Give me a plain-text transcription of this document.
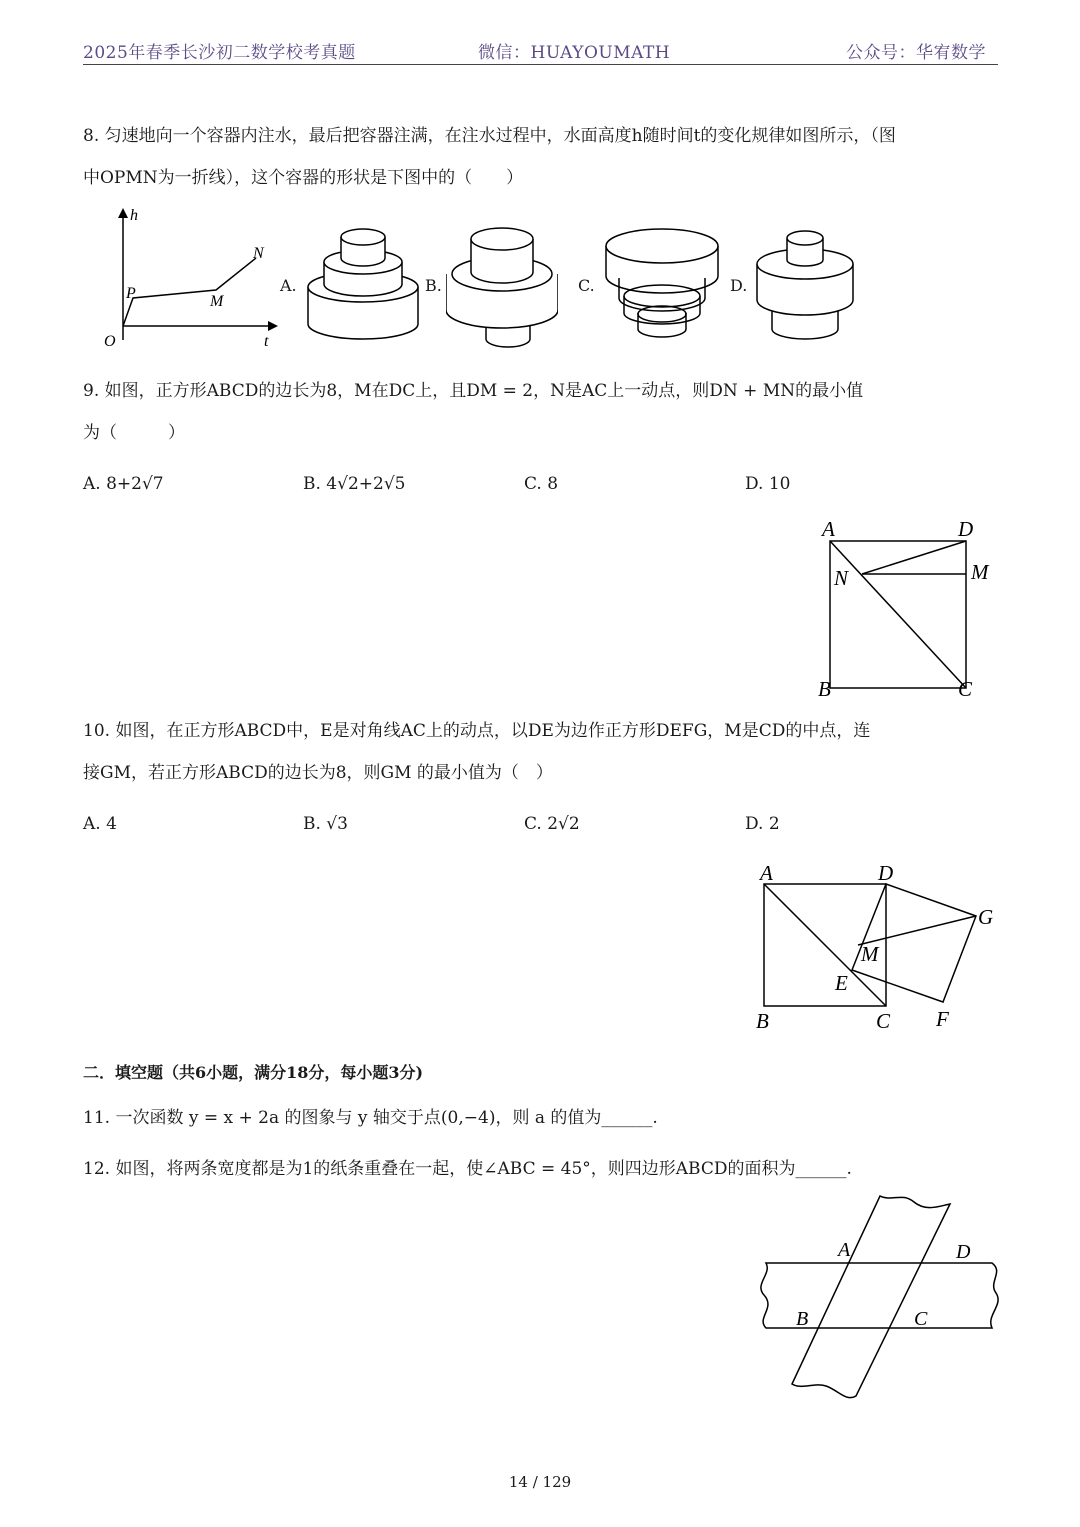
2025年春季长沙初二数学校考真题	微信：HUAYOUMATH	公众号：华宥数学
8. 匀速地向一个容器内注水，最后把容器注满，在注水过程中，水面高度h随时间t的变化规律如图所示，（图
中OPMN为一折线），这个容器的形状是下图中的（　　）
h
t
O
P	M
N
A.	B.	C.	D.
9. 如图，正方形ABCD的边长为8，M在DC上，且DM = 2，N是AC上一动点，则DN + MN的最小值
为（　　　）
A. 8+2√7	B. 4√2+2√5	C. 8	D. 10
A	D
M
N
B	C
10. 如图，在正方形ABCD中，E是对角线AC上的动点，以DE为边作正方形DEFG，M是CD的中点，连
接GM，若正方形ABCD的边长为8，则GM 的最小值为（　）
A. 4	B. √3	C. 2√2	D. 2
A	D
G
M
E
B	C F
二．填空题（共6小题，满分18分，每小题3分)
11. 一次函数 y = x + 2a 的图象与 y 轴交于点(0,−4)，则 a 的值为______.
12. 如图，将两条宽度都是为1的纸条重叠在一起，使∠ABC = 45°，则四边形ABCD的面积为______.
A	D
B	C
14 / 129
